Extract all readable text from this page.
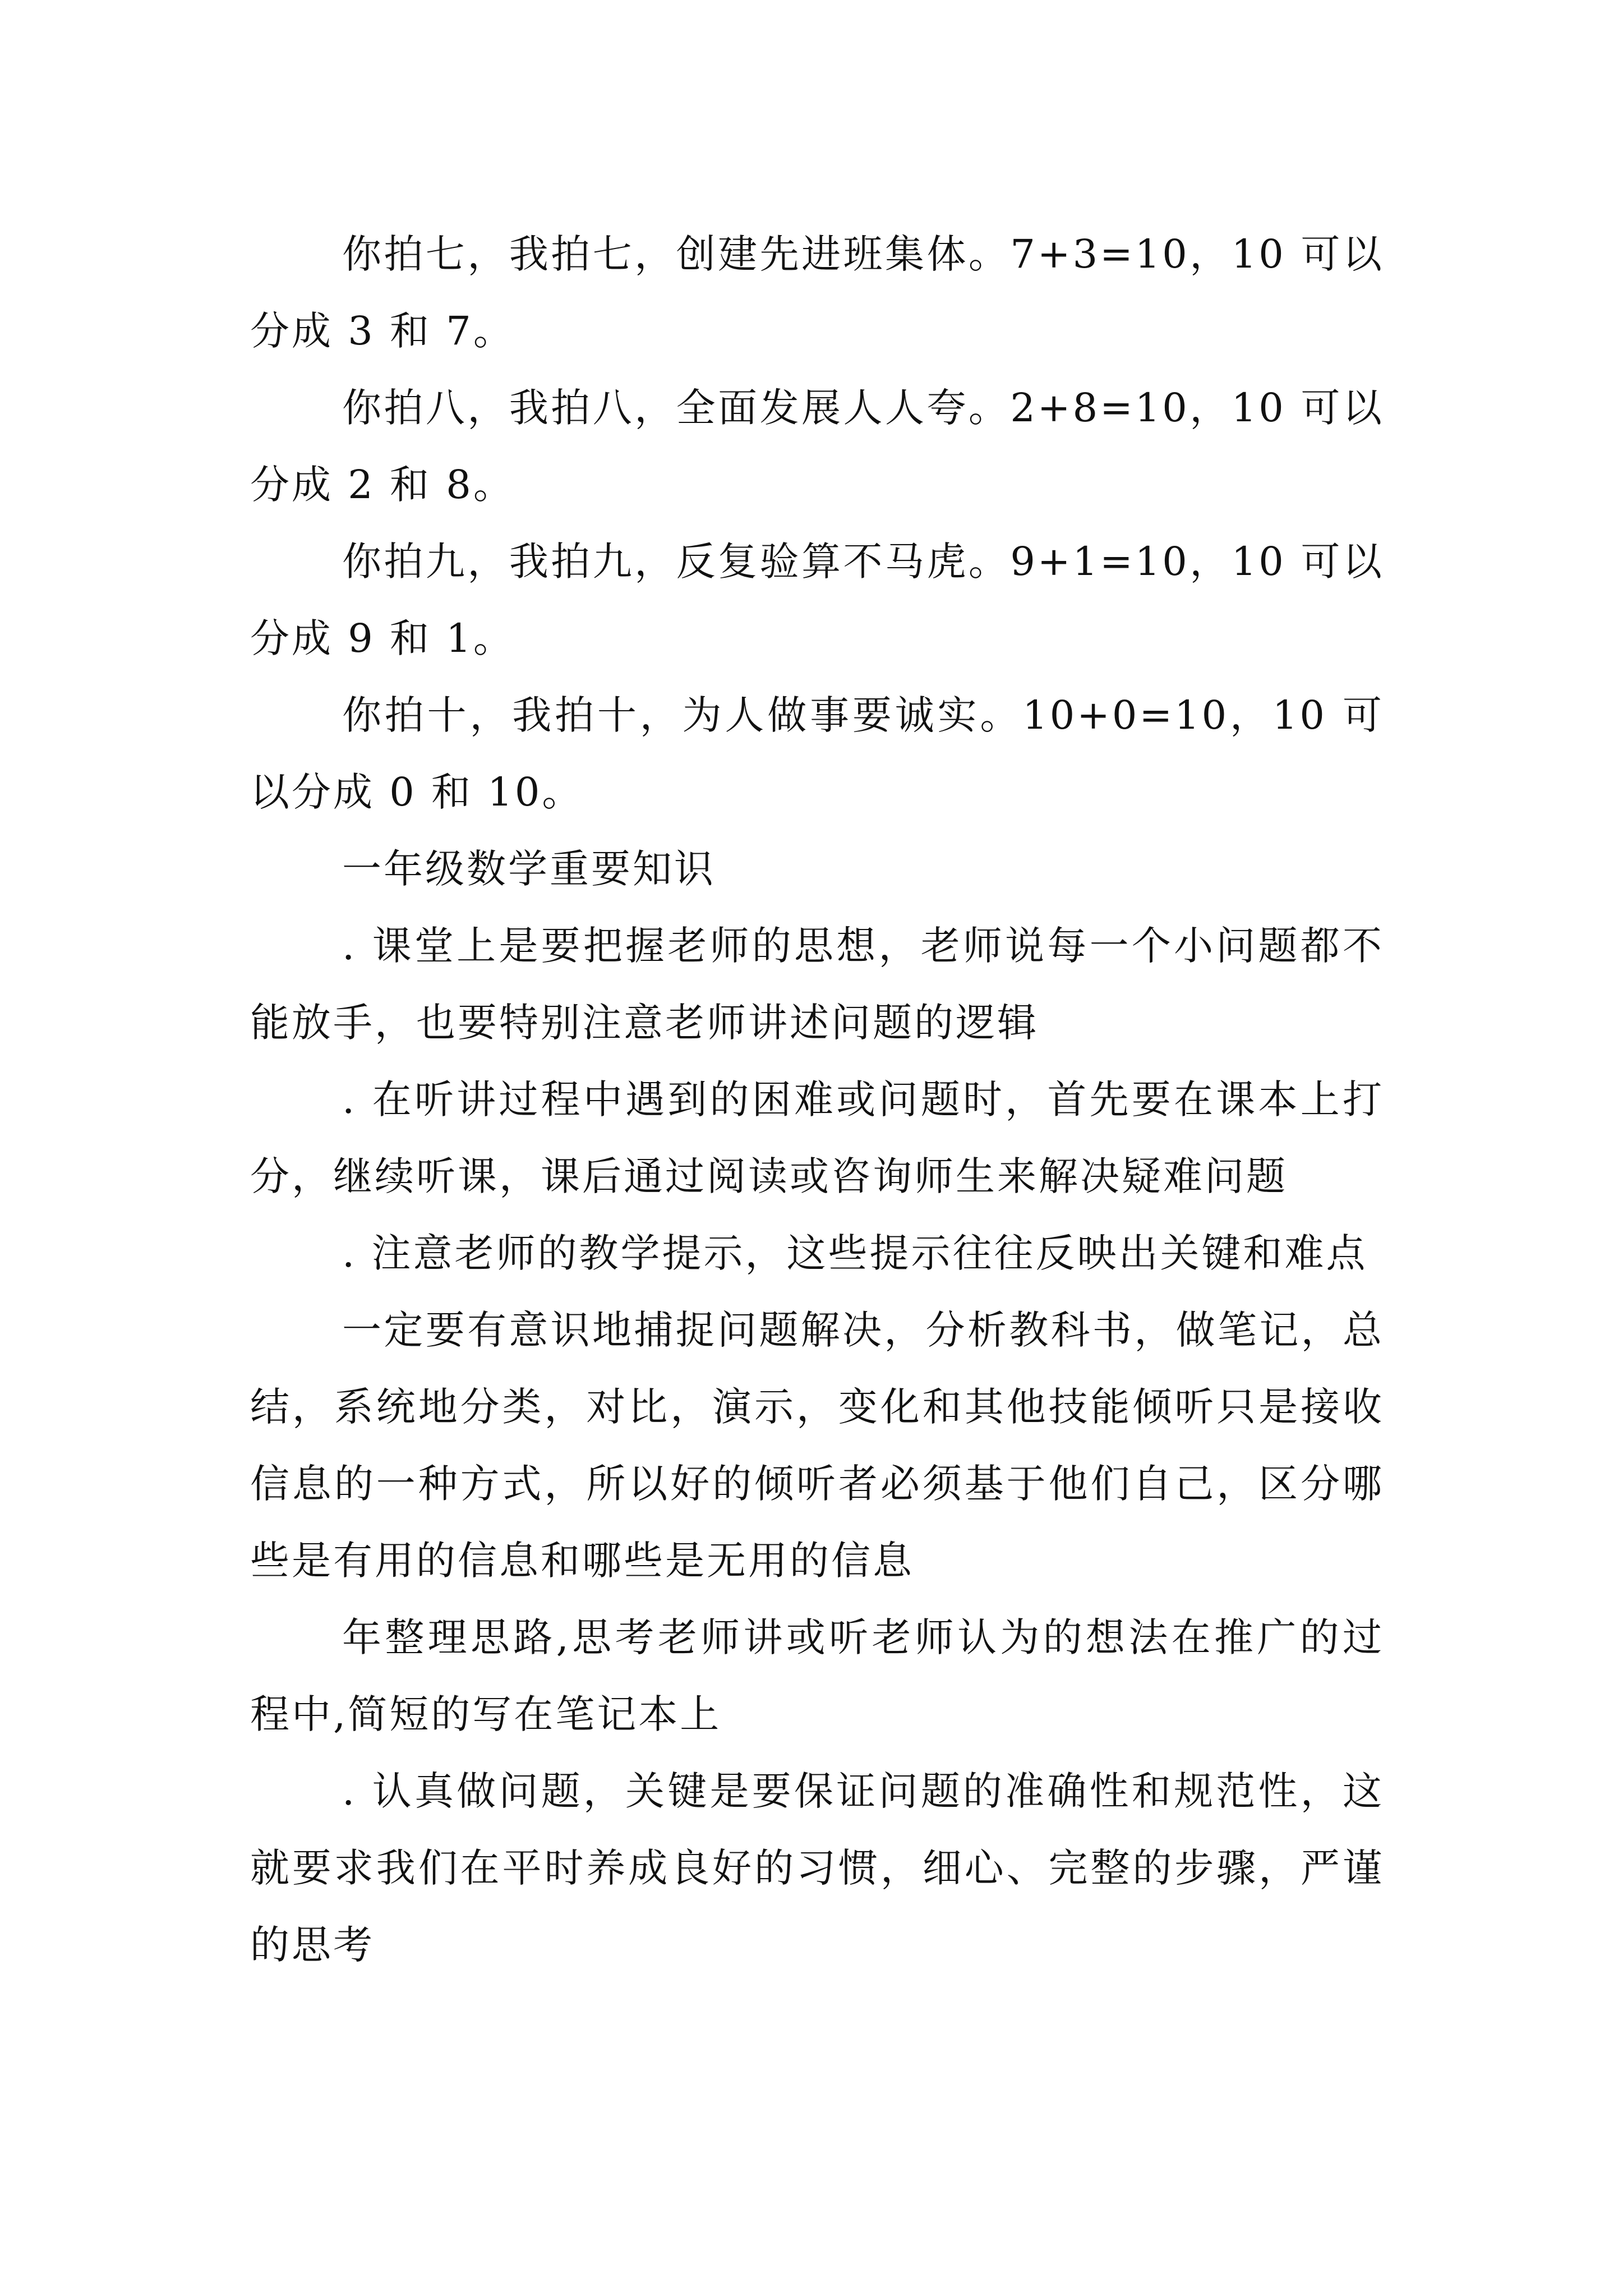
你拍七，我拍七，创建先进班集体。7+3=10，10 可以分成 3 和 7。

你拍八，我拍八，全面发展人人夸。2+8=10，10 可以分成 2 和 8。

你拍九，我拍九，反复验算不马虎。9+1=10，10 可以分成 9 和 1。

你拍十，我拍十，为人做事要诚实。10+0=10，10 可以分成 0 和 10。

一年级数学重要知识

. 课堂上是要把握老师的思想，老师说每一个小问题都不能放手，也要特别注意老师讲述问题的逻辑

. 在听讲过程中遇到的困难或问题时，首先要在课本上打分，继续听课，课后通过阅读或咨询师生来解决疑难问题

. 注意老师的教学提示，这些提示往往反映出关键和难点

一定要有意识地捕捉问题解决，分析教科书，做笔记，总结，系统地分类，对比，演示，变化和其他技能倾听只是接收信息的一种方式，所以好的倾听者必须基于他们自己，区分哪些是有用的信息和哪些是无用的信息

年整理思路,思考老师讲或听老师认为的想法在推广的过程中,简短的写在笔记本上

. 认真做问题，关键是要保证问题的准确性和规范性，这就要求我们在平时养成良好的习惯，细心、完整的步骤，严谨的思考
